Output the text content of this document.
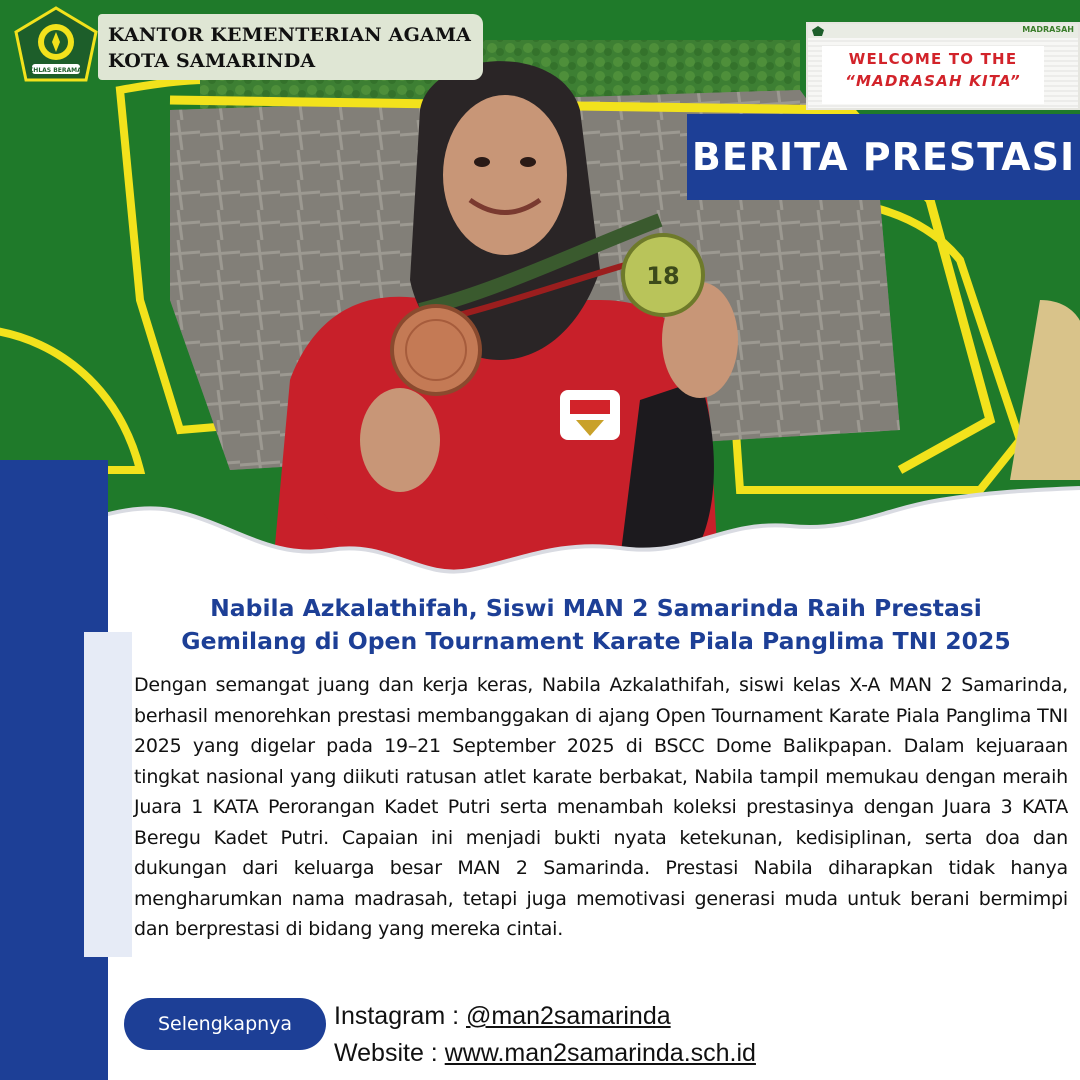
18
IKHLAS BERAMAL
KANTOR KEMENTERIAN AGAMA
KOTA SAMARINDA
MADRASAH
WELCOME TO THE
“MADRASAH KITA”
BERITA PRESTASI
Nabila Azkalathifah, Siswi MAN 2 Samarinda Raih Prestasi
Gemilang di Open Tournament Karate Piala Panglima TNI 2025

Dengan semangat juang dan kerja keras, Nabila Azkalathifah, siswi kelas X-A MAN 2 Samarinda, berhasil menorehkan prestasi membanggakan di ajang Open Tournament Karate Piala Panglima TNI 2025 yang digelar pada 19–21 September 2025 di BSCC Dome Balikpapan. Dalam kejuaraan tingkat nasional yang diikuti ratusan atlet karate berbakat, Nabila tampil memukau dengan meraih Juara 1 KATA Perorangan Kadet Putri serta menambah koleksi prestasinya dengan Juara 3 KATA Beregu Kadet Putri. Capaian ini menjadi bukti nyata ketekunan, kedisiplinan, serta doa dan dukungan dari keluarga besar MAN 2 Samarinda. Prestasi Nabila diharapkan tidak hanya mengharumkan nama madrasah, tetapi juga memotivasi generasi muda untuk berani bermimpi dan berprestasi di bidang yang mereka cintai.

Selengkapnya	Instagram : @man2samarinda
Website : www.man2samarinda.sch.id
